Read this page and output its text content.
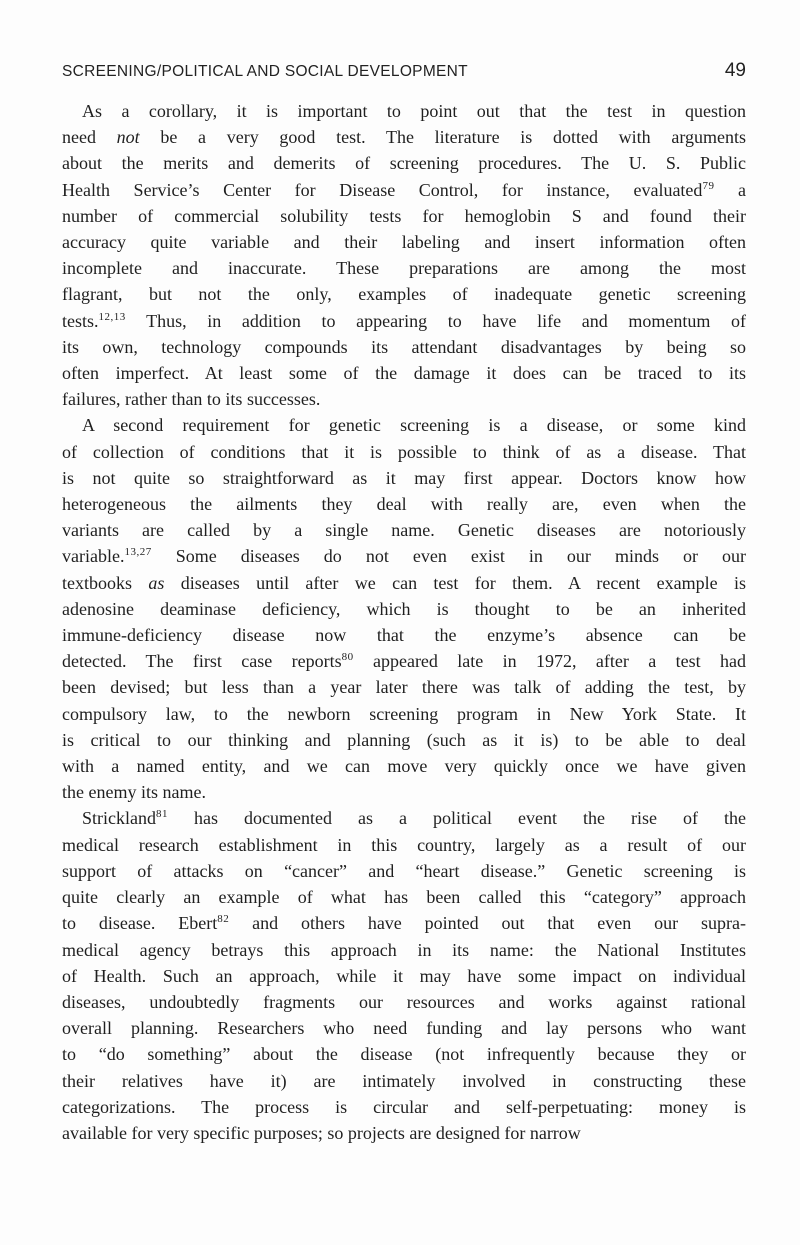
SCREENING/POLITICAL AND SOCIAL DEVELOPMENT	49

As a corollary, it is important to point out that the test in question
need not be a very good test. The literature is dotted with arguments
about the merits and demerits of screening procedures. The U. S. Public
Health Service’s Center for Disease Control, for instance, evaluated$^{79}$ a
number of commercial solubility tests for hemoglobin S and found their
accuracy quite variable and their labeling and insert information often
incomplete and inaccurate. These preparations are among the most
flagrant, but not the only, examples of inadequate genetic screening
tests.$^{12,13}$ Thus, in addition to appearing to have life and momentum of
its own, technology compounds its attendant disadvantages by being so
often imperfect. At least some of the damage it does can be traced to its
failures, rather than to its successes.

A second requirement for genetic screening is a disease, or some kind
of collection of conditions that it is possible to think of as a disease. That
is not quite so straightforward as it may first appear. Doctors know how
heterogeneous the ailments they deal with really are, even when the
variants are called by a single name. Genetic diseases are notoriously
variable.$^{13,27}$ Some diseases do not even exist in our minds or our
textbooks as diseases until after we can test for them. A recent example is
adenosine deaminase deficiency, which is thought to be an inherited
immune-deficiency disease now that the enzyme’s absence can be
detected. The first case reports$^{80}$ appeared late in 1972, after a test had
been devised; but less than a year later there was talk of adding the test, by
compulsory law, to the newborn screening program in New York State. It
is critical to our thinking and planning (such as it is) to be able to deal
with a named entity, and we can move very quickly once we have given
the enemy its name.

Strickland$^{81}$ has documented as a political event the rise of the
medical research establishment in this country, largely as a result of our
support of attacks on “cancer” and “heart disease.” Genetic screening is
quite clearly an example of what has been called this “category” approach
to disease. Ebert$^{82}$ and others have pointed out that even our supra-
medical agency betrays this approach in its name: the National Institutes
of Health. Such an approach, while it may have some impact on individual
diseases, undoubtedly fragments our resources and works against rational
overall planning. Researchers who need funding and lay persons who want
to “do something” about the disease (not infrequently because they or
their relatives have it) are intimately involved in constructing these
categorizations. The process is circular and self-perpetuating: money is
available for very specific purposes; so projects are designed for narrow
